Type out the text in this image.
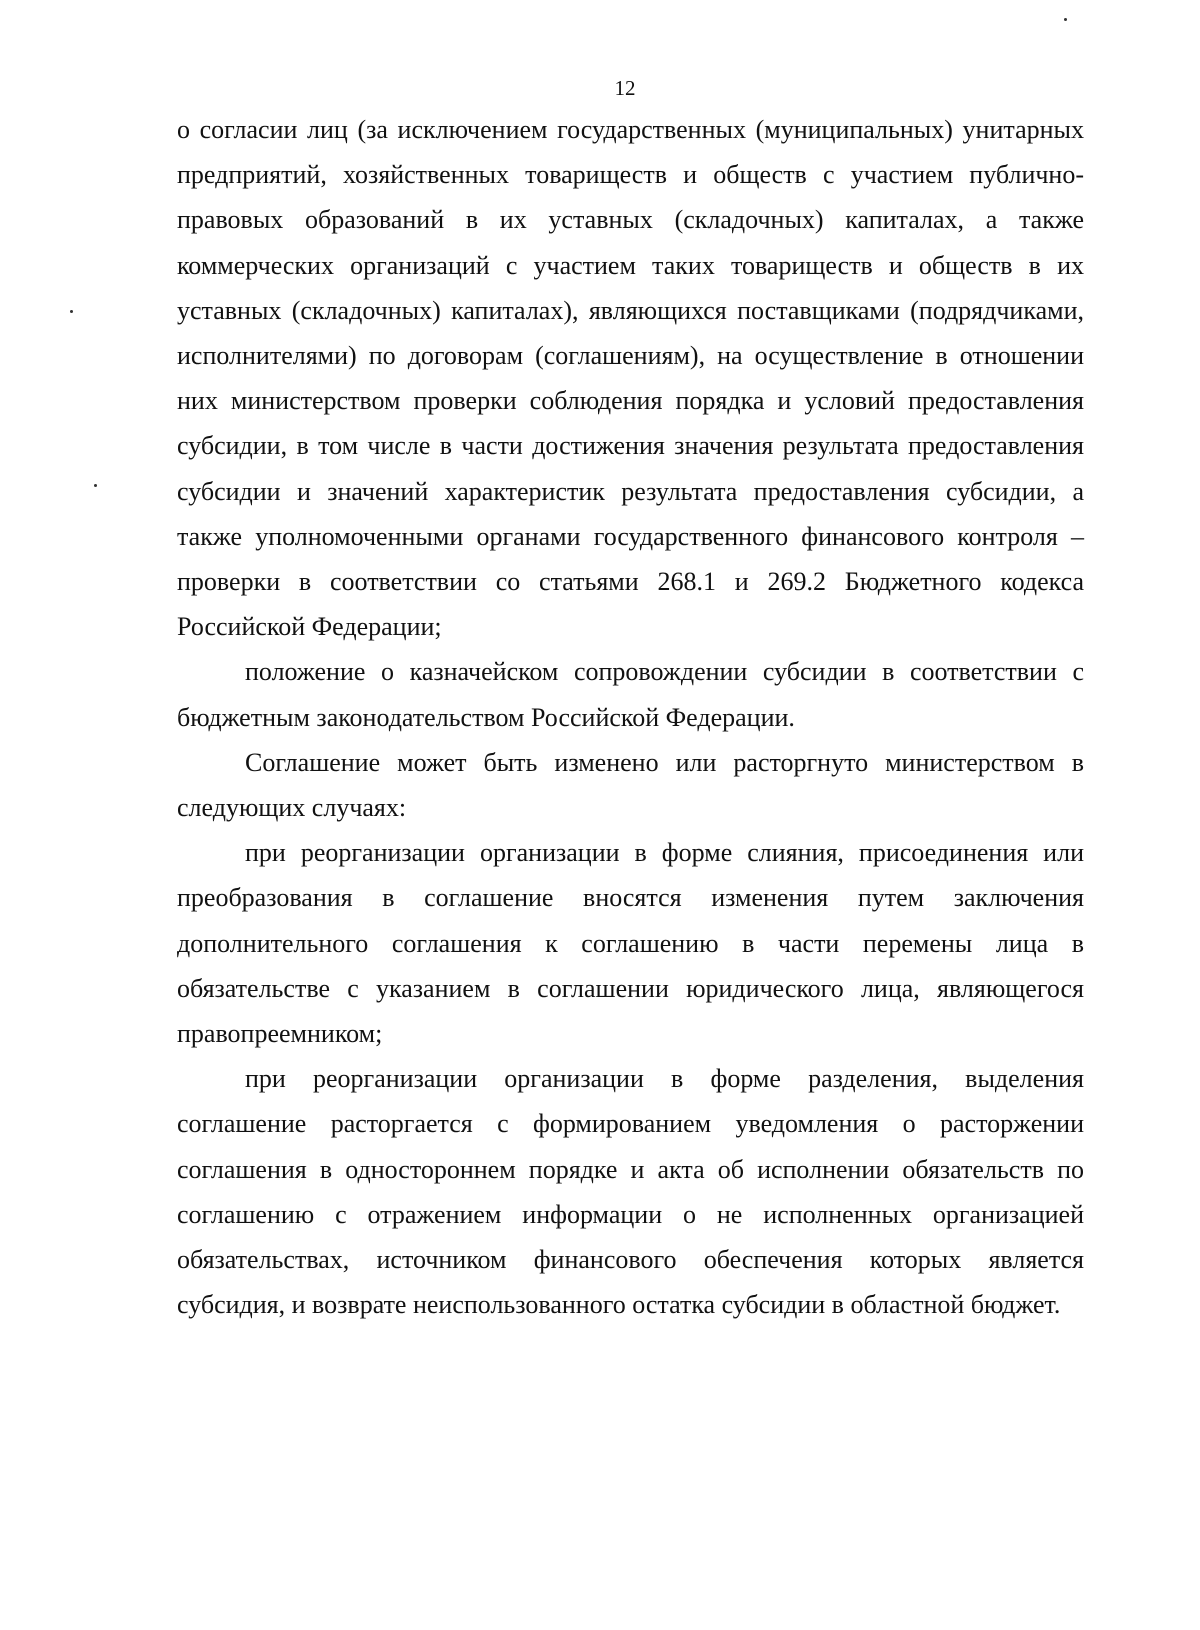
12

о согласии лиц (за исключением государственных (муниципальных) унитарных предприятий, хозяйственных товариществ и обществ с участием публично-правовых образований в их уставных (складочных) капиталах, а также коммерческих организаций с участием таких товариществ и обществ в их уставных (складочных) капиталах), являющихся поставщиками (подрядчиками, исполнителями) по договорам (соглашениям), на осуществление в отношении них министерством проверки соблюдения порядка и условий предоставления субсидии, в том числе в части достижения значения результата предоставления субсидии и значений характеристик результата предоставления субсидии, а также уполномоченными органами государственного финансового контроля – проверки в соответствии со статьями 268.1 и 269.2 Бюджетного кодекса Российской Федерации;

положение о казначейском сопровождении субсидии в соответствии с бюджетным законодательством Российской Федерации.

Соглашение может быть изменено или расторгнуто министерством в следующих случаях:

при реорганизации организации в форме слияния, присоединения или преобразования в соглашение вносятся изменения путем заключения дополнительного соглашения к соглашению в части перемены лица в обязательстве с указанием в соглашении юридического лица, являющегося правопреемником;

при реорганизации организации в форме разделения, выделения соглашение расторгается с формированием уведомления о расторжении соглашения в одностороннем порядке и акта об исполнении обязательств по соглашению с отражением информации о не исполненных организацией обязательствах, источником финансового обеспечения которых является субсидия, и возврате неиспользованного остатка субсидии в областной бюджет.
